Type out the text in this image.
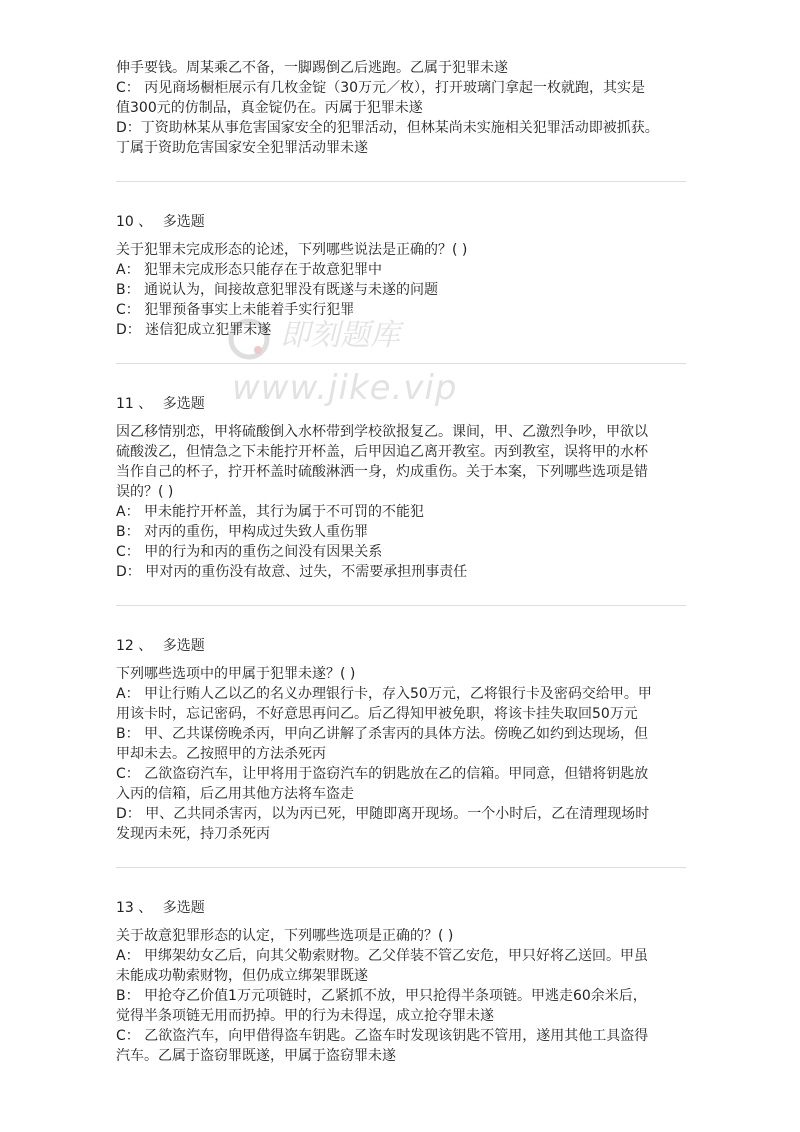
即刻题库
www.jike.vip

伸手要钱。周某乘乙不备，一脚踢倒乙后逃跑。乙属于犯罪未遂

C： 丙见商场橱柜展示有几枚金锭（30万元／枚），打开玻璃门拿起一枚就跑，其实是

值300元的仿制品，真金锭仍在。丙属于犯罪未遂

D：丁资助林某从事危害国家安全的犯罪活动，但林某尚未实施相关犯罪活动即被抓获。

丁属于资助危害国家安全犯罪活动罪未遂

10 、 多选题

关于犯罪未完成形态的论述，下列哪些说法是正确的？( )

A： 犯罪未完成形态只能存在于故意犯罪中

B： 通说认为，间接故意犯罪没有既遂与未遂的问题

C： 犯罪预备事实上未能着手实行犯罪

D： 迷信犯成立犯罪未遂

11 、 多选题

因乙移情别恋，甲将硫酸倒入水杯带到学校欲报复乙。课间，甲、乙激烈争吵，甲欲以

硫酸泼乙，但情急之下未能拧开杯盖，后甲因追乙离开教室。丙到教室，误将甲的水杯

当作自己的杯子，拧开杯盖时硫酸淋洒一身，灼成重伤。关于本案，下列哪些选项是错

误的？( )

A： 甲未能拧开杯盖，其行为属于不可罚的不能犯

B： 对丙的重伤，甲构成过失致人重伤罪

C： 甲的行为和丙的重伤之间没有因果关系

D： 甲对丙的重伤没有故意、过失，不需要承担刑事责任

12 、 多选题

下列哪些选项中的甲属于犯罪未遂？( )

A： 甲让行贿人乙以乙的名义办理银行卡，存入50万元，乙将银行卡及密码交给甲。甲

用该卡时，忘记密码，不好意思再问乙。后乙得知甲被免职，将该卡挂失取回50万元

B： 甲、乙共谋傍晚杀丙，甲向乙讲解了杀害丙的具体方法。傍晚乙如约到达现场，但

甲却未去。乙按照甲的方法杀死丙

C： 乙欲盗窃汽车，让甲将用于盗窃汽车的钥匙放在乙的信箱。甲同意，但错将钥匙放

入丙的信箱，后乙用其他方法将车盗走

D： 甲、乙共同杀害丙，以为丙已死，甲随即离开现场。一个小时后，乙在清理现场时

发现丙未死，持刀杀死丙

13 、 多选题

关于故意犯罪形态的认定，下列哪些选项是正确的？( )

A： 甲绑架幼女乙后，向其父勒索财物。乙父佯装不管乙安危，甲只好将乙送回。甲虽

未能成功勒索财物，但仍成立绑架罪既遂

B： 甲抢夺乙价值1万元项链时，乙紧抓不放，甲只抢得半条项链。甲逃走60余米后，

觉得半条项链无用而扔掉。甲的行为未得逞，成立抢夺罪未遂

C： 乙欲盗汽车，向甲借得盗车钥匙。乙盗车时发现该钥匙不管用，遂用其他工具盗得

汽车。乙属于盗窃罪既遂，甲属于盗窃罪未遂
